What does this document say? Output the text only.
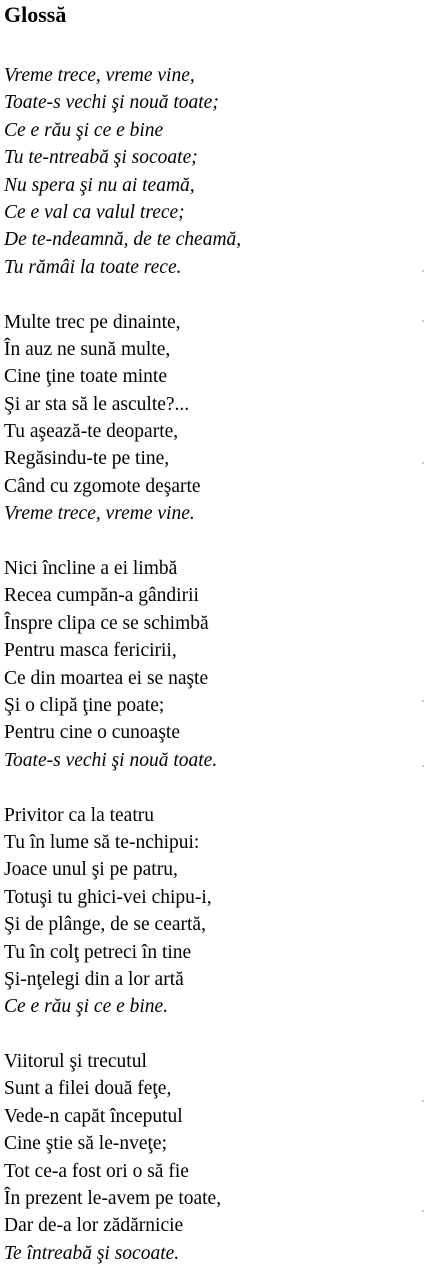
Glossă
Vreme trece, vreme vine,
Toate-s vechi şi nouă toate;
Ce e rău şi ce e bine
Tu te-ntreabă şi socoate;
Nu spera şi nu ai teamă,
Ce e val ca valul trece;
De te-ndeamnă, de te cheamă,
Tu rămâi la toate rece.
Multe trec pe dinainte,
În auz ne sună multe,
Cine ţine toate minte
Şi ar sta să le asculte?...
Tu aşează-te deoparte,
Regăsindu-te pe tine,
Când cu zgomote deşarte
Vreme trece, vreme vine.
Nici încline a ei limbă
Recea cumpăn-a gândirii
Înspre clipa ce se schimbă
Pentru masca fericirii,
Ce din moartea ei se naşte
Şi o clipă ţine poate;
Pentru cine o cunoaşte
Toate-s vechi şi nouă toate.
Privitor ca la teatru
Tu în lume să te-nchipui:
Joace unul şi pe patru,
Totuşi tu ghici-vei chipu-i,
Şi de plânge, de se ceartă,
Tu în colţ petreci în tine
Şi-nţelegi din a lor artă
Ce e rău şi ce e bine.
Viitorul şi trecutul
Sunt a filei două feţe,
Vede-n capăt începutul
Cine ştie să le-nveţe;
Tot ce-a fost ori o să fie
În prezent le-avem pe toate,
Dar de-a lor zădărnicie
Te întreabă şi socoate.
